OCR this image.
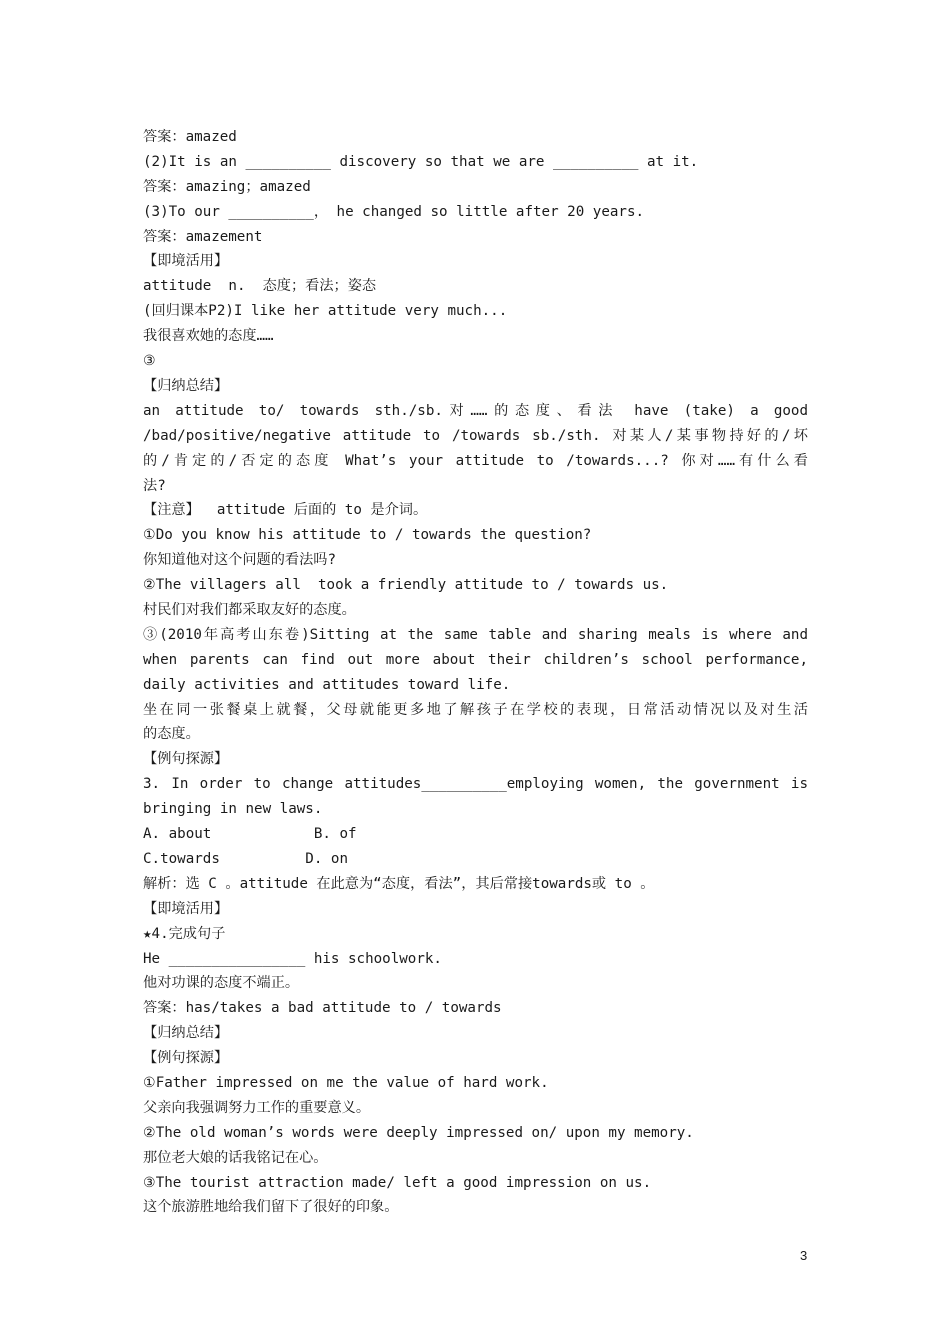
答案：amazed
(2)It is an __________ discovery so that we are __________ at it.
答案：amazing；amazed
(3)To our __________， he changed so little after 20 years.
答案：amazement
【即境活用】
attitude  n.  态度；看法；姿态
(回归课本P2)I like her attitude very much...
我很喜欢她的态度……
③
【归纳总结】
an attitude to/ towards sth./sb.对……的态度、看法 have (take) a good
/bad/positive/negative attitude to /towards sb./sth. 对某人/某事物持好的/坏
的/肯定的/否定的态度 What’s your attitude to /towards...? 你对……有什么看
法?
【注意】  attitude 后面的 to 是介词。
①Do you know his attitude to / towards the question?
你知道他对这个问题的看法吗?
②The villagers all  took a friendly attitude to / towards us.
村民们对我们都采取友好的态度。
③(2010年高考山东卷)Sitting at the same table and sharing meals is where and
when parents can find out more about their children’s school performance,
daily activities and attitudes toward life.
坐在同一张餐桌上就餐，父母就能更多地了解孩子在学校的表现，日常活动情况以及对生活
的态度。
【例句探源】
3. In order to change attitudes__________employing women, the government is
bringing in new laws.
A. about            B. of
C.towards          D. on
解析：选 C 。attitude 在此意为“态度，看法”，其后常接towards或 to 。
【即境活用】
★4.完成句子
He ________________ his schoolwork.
他对功课的态度不端正。
答案：has/takes a bad attitude to / towards
【归纳总结】
【例句探源】
①Father impressed on me the value of hard work.
父亲向我强调努力工作的重要意义。
②The old woman’s words were deeply impressed on/ upon my memory.
那位老大娘的话我铭记在心。
③The tourist attraction made/ left a good impression on us.
这个旅游胜地给我们留下了很好的印象。
3
